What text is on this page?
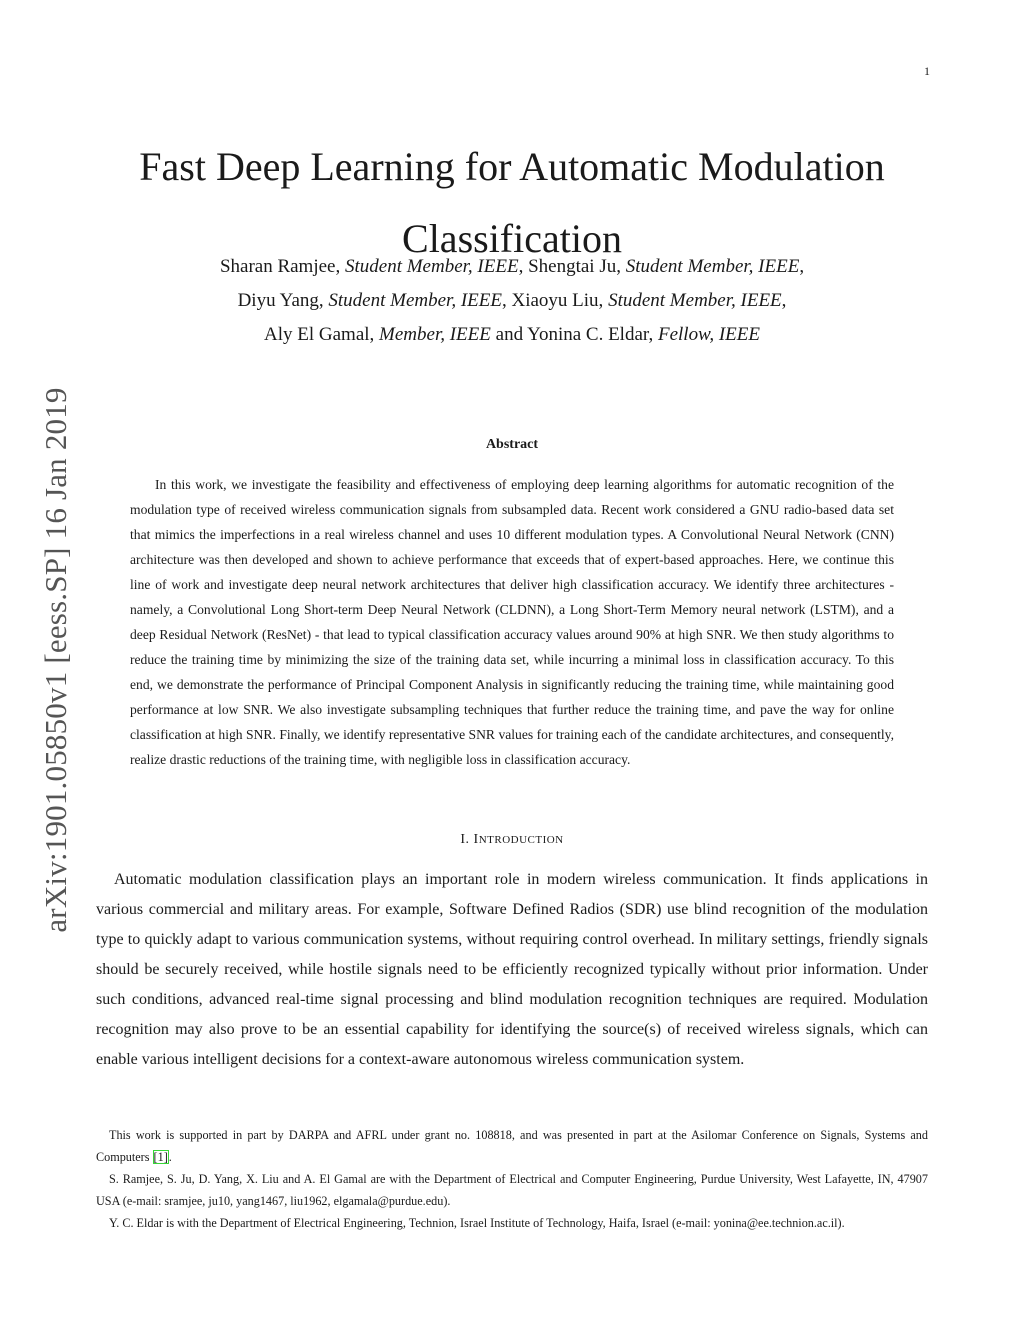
1
Fast Deep Learning for Automatic Modulation Classification
Sharan Ramjee, Student Member, IEEE, Shengtai Ju, Student Member, IEEE,
Diyu Yang, Student Member, IEEE, Xiaoyu Liu, Student Member, IEEE,
Aly El Gamal, Member, IEEE and Yonina C. Eldar, Fellow, IEEE
arXiv:1901.05850v1 [eess.SP] 16 Jan 2019	Abstract

In this work, we investigate the feasibility and effectiveness of employing deep learning algorithms for automatic recognition of the modulation type of received wireless communication signals from subsampled data. Recent work considered a GNU radio-based data set that mimics the imperfections in a real wireless channel and uses 10 different modulation types. A Convolutional Neural Network (CNN) architecture was then developed and shown to achieve performance that exceeds that of expert-based approaches. Here, we continue this line of work and investigate deep neural network architectures that deliver high classification accuracy. We identify three architectures - namely, a Convolutional Long Short-term Deep Neural Network (CLDNN), a Long Short-Term Memory neural network (LSTM), and a deep Residual Network (ResNet) - that lead to typical classification accuracy values around 90% at high SNR. We then study algorithms to reduce the training time by minimizing the size of the training data set, while incurring a minimal loss in classification accuracy. To this end, we demonstrate the performance of Principal Component Analysis in significantly reducing the training time, while maintaining good performance at low SNR. We also investigate subsampling techniques that further reduce the training time, and pave the way for online classification at high SNR. Finally, we identify representative SNR values for training each of the candidate architectures, and consequently, realize drastic reductions of the training time, with negligible loss in classification accuracy.

I. INTRODUCTION

Automatic modulation classification plays an important role in modern wireless communication. It finds applications in various commercial and military areas. For example, Software Defined Radios (SDR) use blind recognition of the modulation type to quickly adapt to various communication systems, without requiring control overhead. In military settings, friendly signals should be securely received, while hostile signals need to be efficiently recognized typically without prior information. Under such conditions, advanced real-time signal processing and blind modulation recognition techniques are required. Modulation recognition may also prove to be an essential capability for identifying the source(s) of received wireless signals, which can enable various intelligent decisions for a context-aware autonomous wireless communication system.

This work is supported in part by DARPA and AFRL under grant no. 108818, and was presented in part at the Asilomar Conference on Signals, Systems and Computers [1].

S. Ramjee, S. Ju, D. Yang, X. Liu and A. El Gamal are with the Department of Electrical and Computer Engineering, Purdue University, West Lafayette, IN, 47907 USA (e-mail: sramjee, ju10, yang1467, liu1962, elgamala@purdue.edu).

Y. C. Eldar is with the Department of Electrical Engineering, Technion, Israel Institute of Technology, Haifa, Israel (e-mail: yonina@ee.technion.ac.il).
